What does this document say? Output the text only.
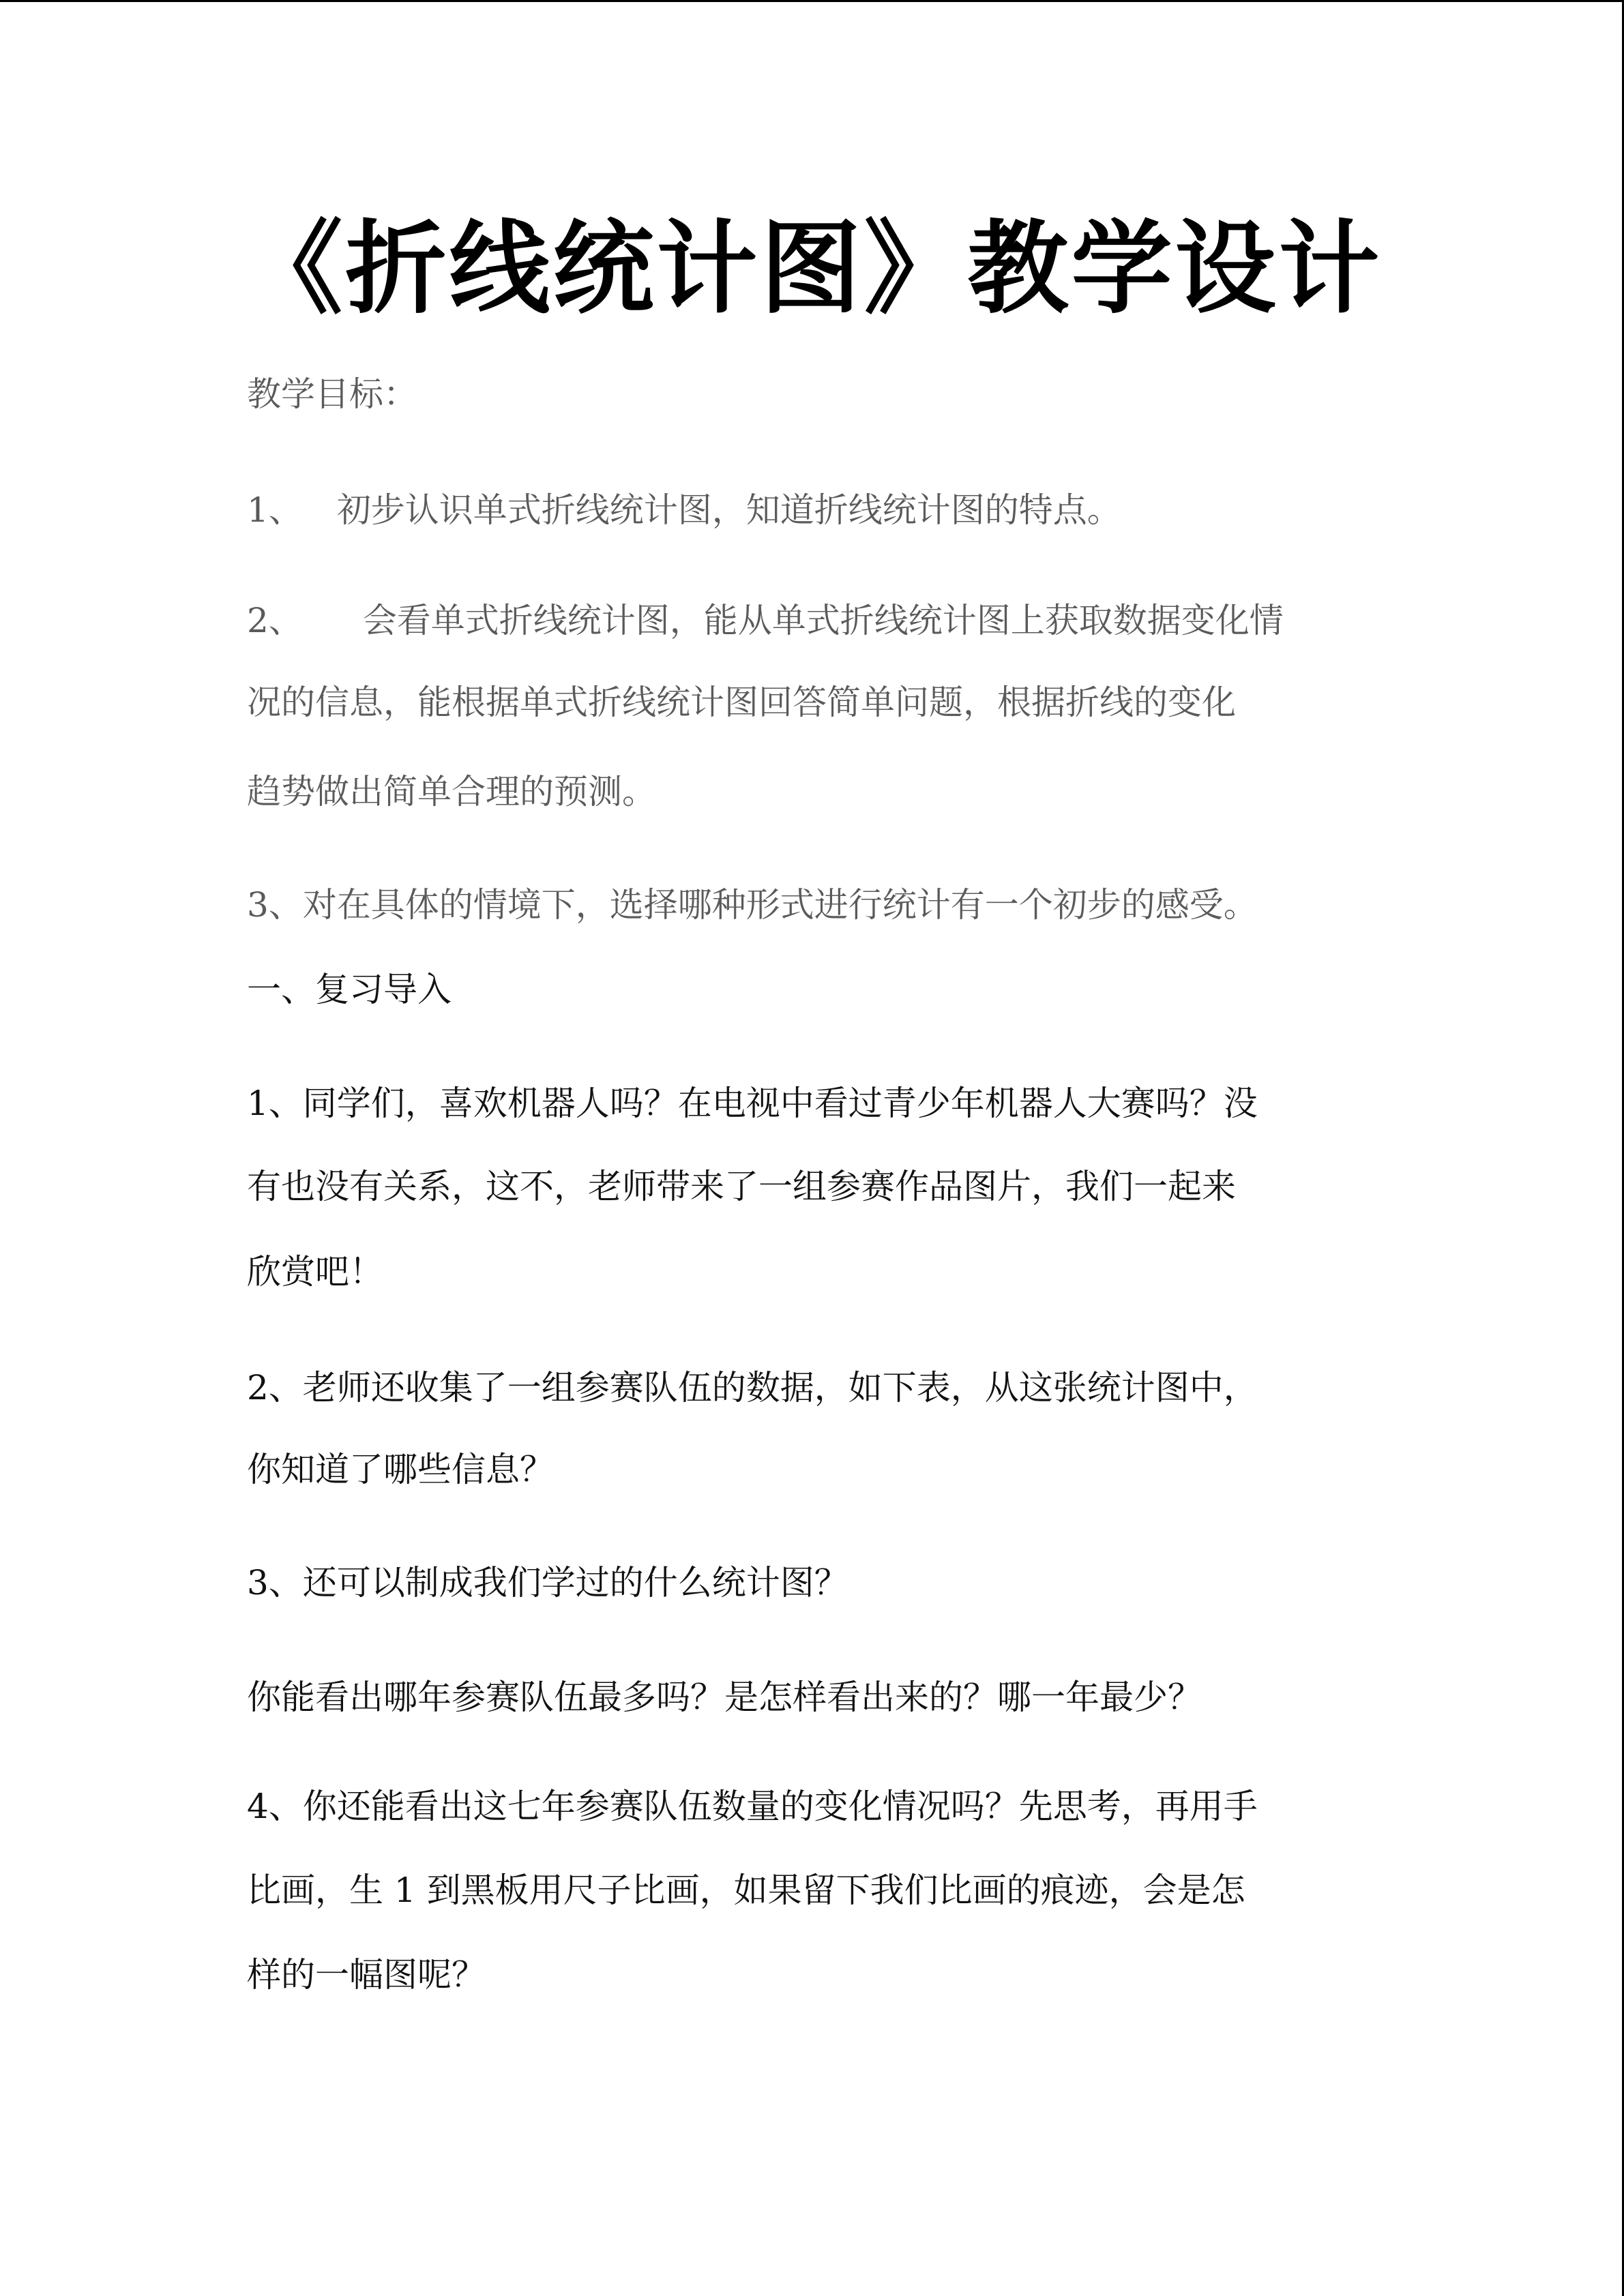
《折线统计图》教学设计

教学目标：

1、 初步认识单式折线统计图，知道折线统计图的特点。

2、 会看单式折线统计图，能从单式折线统计图上获取数据变化情

况的信息，能根据单式折线统计图回答简单问题，根据折线的变化

趋势做出简单合理的预测。

3、对在具体的情境下，选择哪种形式进行统计有一个初步的感受。

一、复习导入

1、同学们，喜欢机器人吗？在电视中看过青少年机器人大赛吗？没

有也没有关系，这不，老师带来了一组参赛作品图片，我们一起来

欣赏吧！

2、老师还收集了一组参赛队伍的数据，如下表，从这张统计图中，

你知道了哪些信息？

3、还可以制成我们学过的什么统计图？

你能看出哪年参赛队伍最多吗？是怎样看出来的？哪一年最少？

4、你还能看出这七年参赛队伍数量的变化情况吗？先思考，再用手

比画，生 1 到黑板用尺子比画，如果留下我们比画的痕迹，会是怎

样的一幅图呢？
